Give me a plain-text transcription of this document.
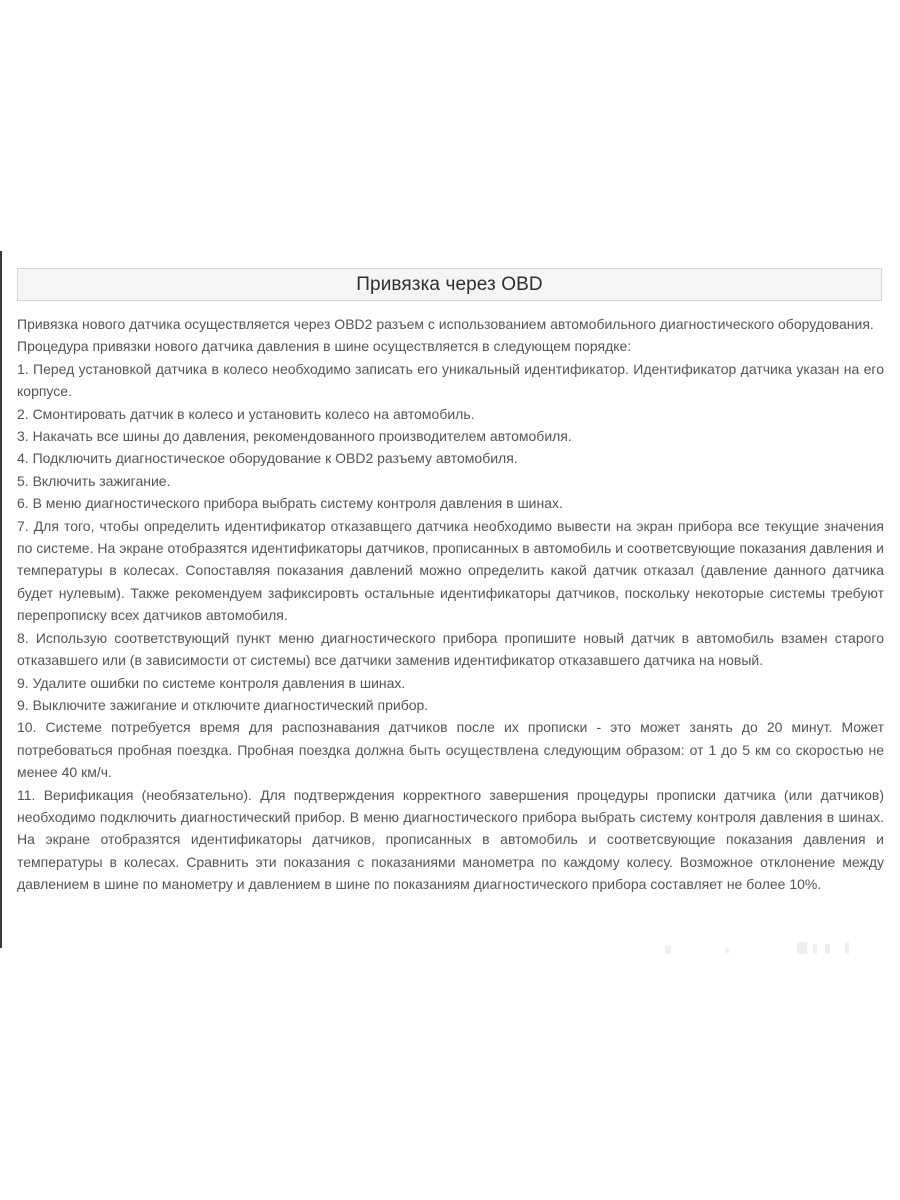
Привязка через OBD

Привязка нового датчика осуществляется через OBD2 разъем с использованием автомобильного диагностического оборудования.

Процедура привязки нового датчика давления в шине осуществляется в следующем порядке:

1. Перед установкой датчика в колесо необходимо записать его уникальный идентификатор. Идентификатор датчика указан на его корпусе.

2. Смонтировать датчик в колесо и установить колесо на автомобиль.

3. Накачать все шины до давления, рекомендованного производителем автомобиля.

4. Подключить диагностическое оборудование к OBD2 разъему автомобиля.

5. Включить зажигание.

6. В меню диагностического прибора выбрать систему контроля давления в шинах.

7. Для того, чтобы определить идентификатор отказавщего датчика необходимо вывести на экран прибора все текущие значения по системе. На экране отобразятся идентификаторы датчиков, прописанных в автомобиль и соответсвующие показания давления и температуры в колесах. Сопоставляя показания давлений можно определить какой датчик отказал (давление данного датчика будет нулевым). Также рекомендуем зафиксировть остальные идентификаторы датчиков, поскольку некоторые системы требуют перепрописку всех датчиков автомобиля.

8. Использую соответствующий пункт меню диагностического прибора пропишите новый датчик в автомобиль взамен старого отказавшего или (в зависимости от системы) все датчики заменив идентификатор отказавшего датчика на новый.

9. Удалите ошибки по системе контроля давления в шинах.

9. Выключите зажигание и отключите диагностический прибор.

10. Системе потребуется время для распознавания датчиков после их прописки - это может занять до 20 минут. Может потребоваться пробная поездка. Пробная поездка должна быть осуществлена следующим образом: от 1 до 5 км со скоростью не менее 40 км/ч.

11. Верификация (необязательно). Для подтверждения корректного завершения процедуры прописки датчика (или датчиков) необходимо подключить диагностический прибор. В меню диагностического прибора выбрать систему контроля давления в шинах. На экране отобразятся идентификаторы датчиков, прописанных в автомобиль и соответсвующие показания давления и температуры в колесах. Сравнить эти показания с показаниями манометра по каждому колесу. Возможное отклонение между давлением в шине по манометру и давлением в шине по показаниям диагностического прибора составляет не более 10%.
